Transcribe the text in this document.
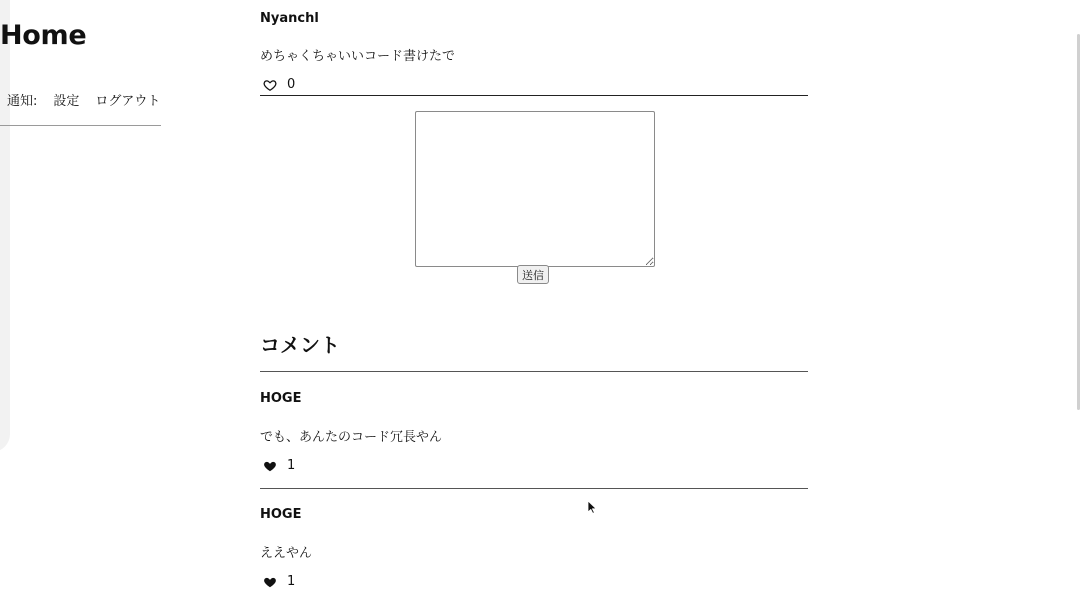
Home
通知: 設定 ログアウト
Nyanchl
めちゃくちゃいいコード書けたで
0
送信
コメント
HOGE
でも、あんたのコード冗長やん
1
HOGE
ええやん
1
